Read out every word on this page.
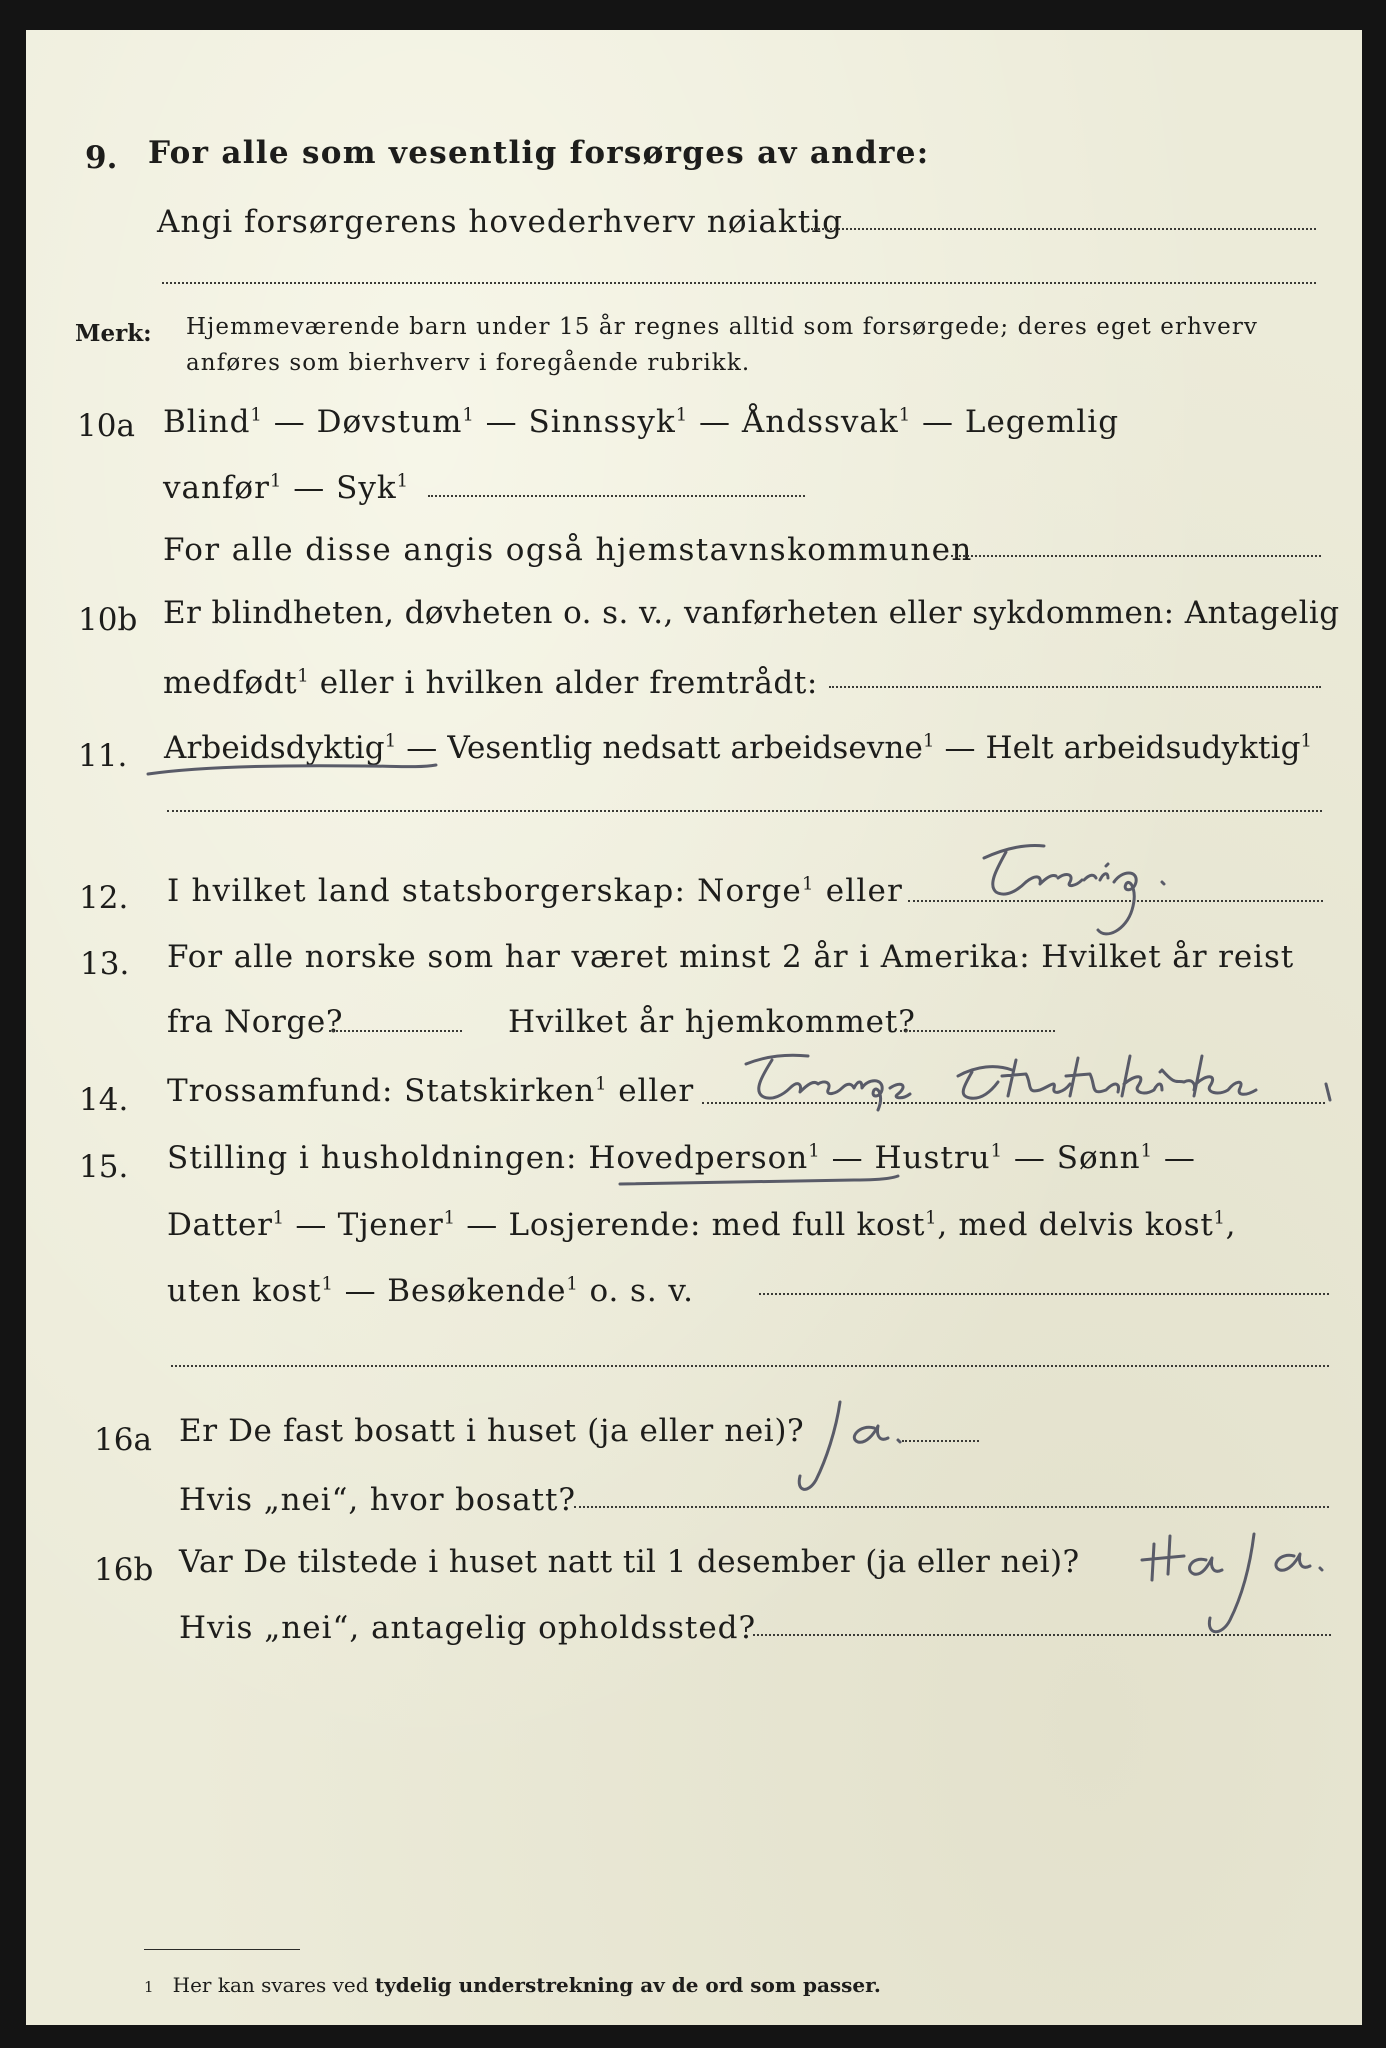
9. For alle som vesentlig forsørges av andre:
Angi forsørgerens hovederhverv nøiaktig
Merk: Hjemmeværende barn under 15 år regnes alltid som forsørgede; deres eget erhverv
anføres som bierhverv i foregående rubrikk.
10a Blind$^1$ — Døvstum$^1$ — Sinnssyk$^1$ — Åndssvak$^1$ — Legemlig
vanfør$^1$ — Syk$^1$
For alle disse angis også hjemstavnskommunen
10b Er blindheten, døvheten o. s. v., vanførheten eller sykdommen: Antagelig
medfødt$^1$ eller i hvilken alder fremtrådt:
11. Arbeidsdyktig$^1$ — Vesentlig nedsatt arbeidsevne$^1$ — Helt arbeidsudyktig$^1$
12. I hvilket land statsborgerskap: Norge$^1$ eller
13. For alle norske som har været minst 2 år i Amerika: Hvilket år reist
fra Norge?	Hvilket år hjemkommet?
14. Trossamfund: Statskirken$^1$ eller
15. Stilling i husholdningen: Hovedperson$^1$ — Hustru$^1$ — Sønn$^1$ —
Datter$^1$ — Tjener$^1$ — Losjerende: med full kost$^1$, med delvis kost$^1$,
uten kost$^1$ — Besøkende$^1$ o. s. v.
16a Er De fast bosatt i huset (ja eller nei)?
Hvis „nei“, hvor bosatt?
16b Var De tilstede i huset natt til 1 desember (ja eller nei)?
Hvis „nei“, antagelig opholdssted?
1 Her kan svares ved tydelig understrekning av de ord som passer.
